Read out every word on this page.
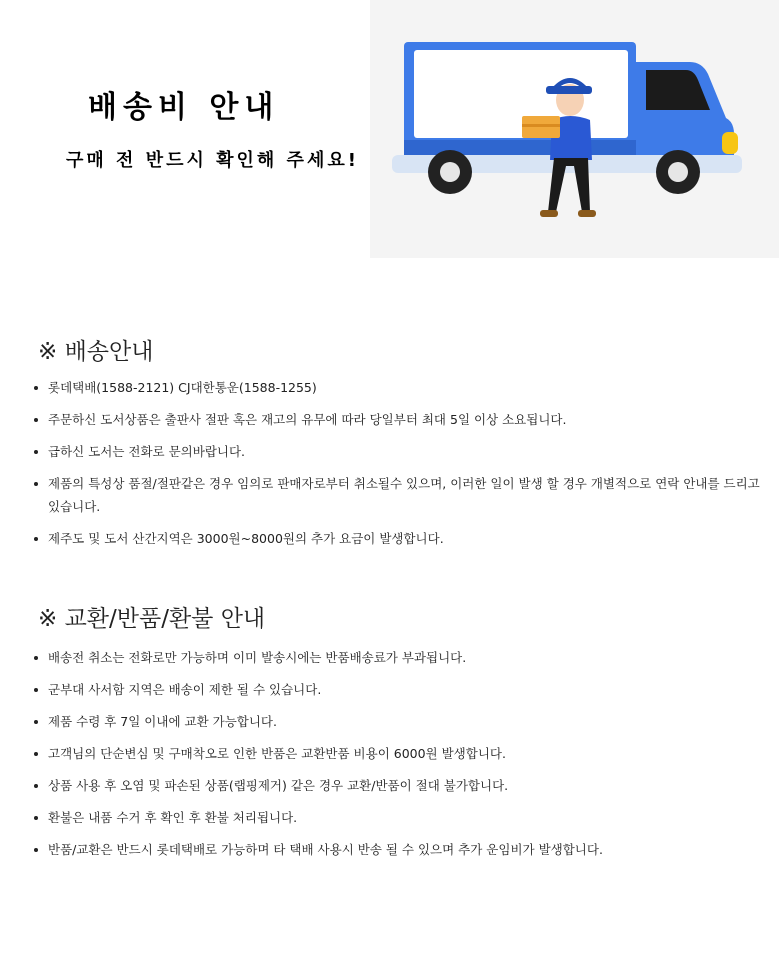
배송비 안내
구매 전 반드시 확인해 주세요!
※ 배송안내
롯데택배(1588-2121) CJ대한통운(1588-1255)
주문하신 도서상품은 출판사 절판 혹은 재고의 유무에 따라 당일부터 최대 5일 이상 소요됩니다.
급하신 도서는 전화로 문의바랍니다.
제품의 특성상 품절/절판같은 경우 임의로 판매자로부터 취소될수 있으며, 이러한 일이 발생 할 경우 개별적으로 연락 안내를 드리고 있습니다.
제주도 및 도서 산간지역은 3000원~8000원의 추가 요금이 발생합니다.
※ 교환/반품/환불 안내
배송전 취소는 전화로만 가능하며 이미 발송시에는 반품배송료가 부과됩니다.
군부대 사서함 지역은 배송이 제한 될 수 있습니다.
제품 수령 후 7일 이내에 교환 가능합니다.
고객님의 단순변심 및 구매착오로 인한 반품은 교환반품 비용이 6000원 발생합니다.
상품 사용 후 오염 및 파손된 상품(랩핑제거) 같은 경우 교환/반품이 절대 불가합니다.
환불은 내품 수거 후 확인 후 환불 처리됩니다.
반품/교환은 반드시 롯데택배로 가능하며 타 택배 사용시 반송 될 수 있으며 추가 운임비가 발생합니다.
